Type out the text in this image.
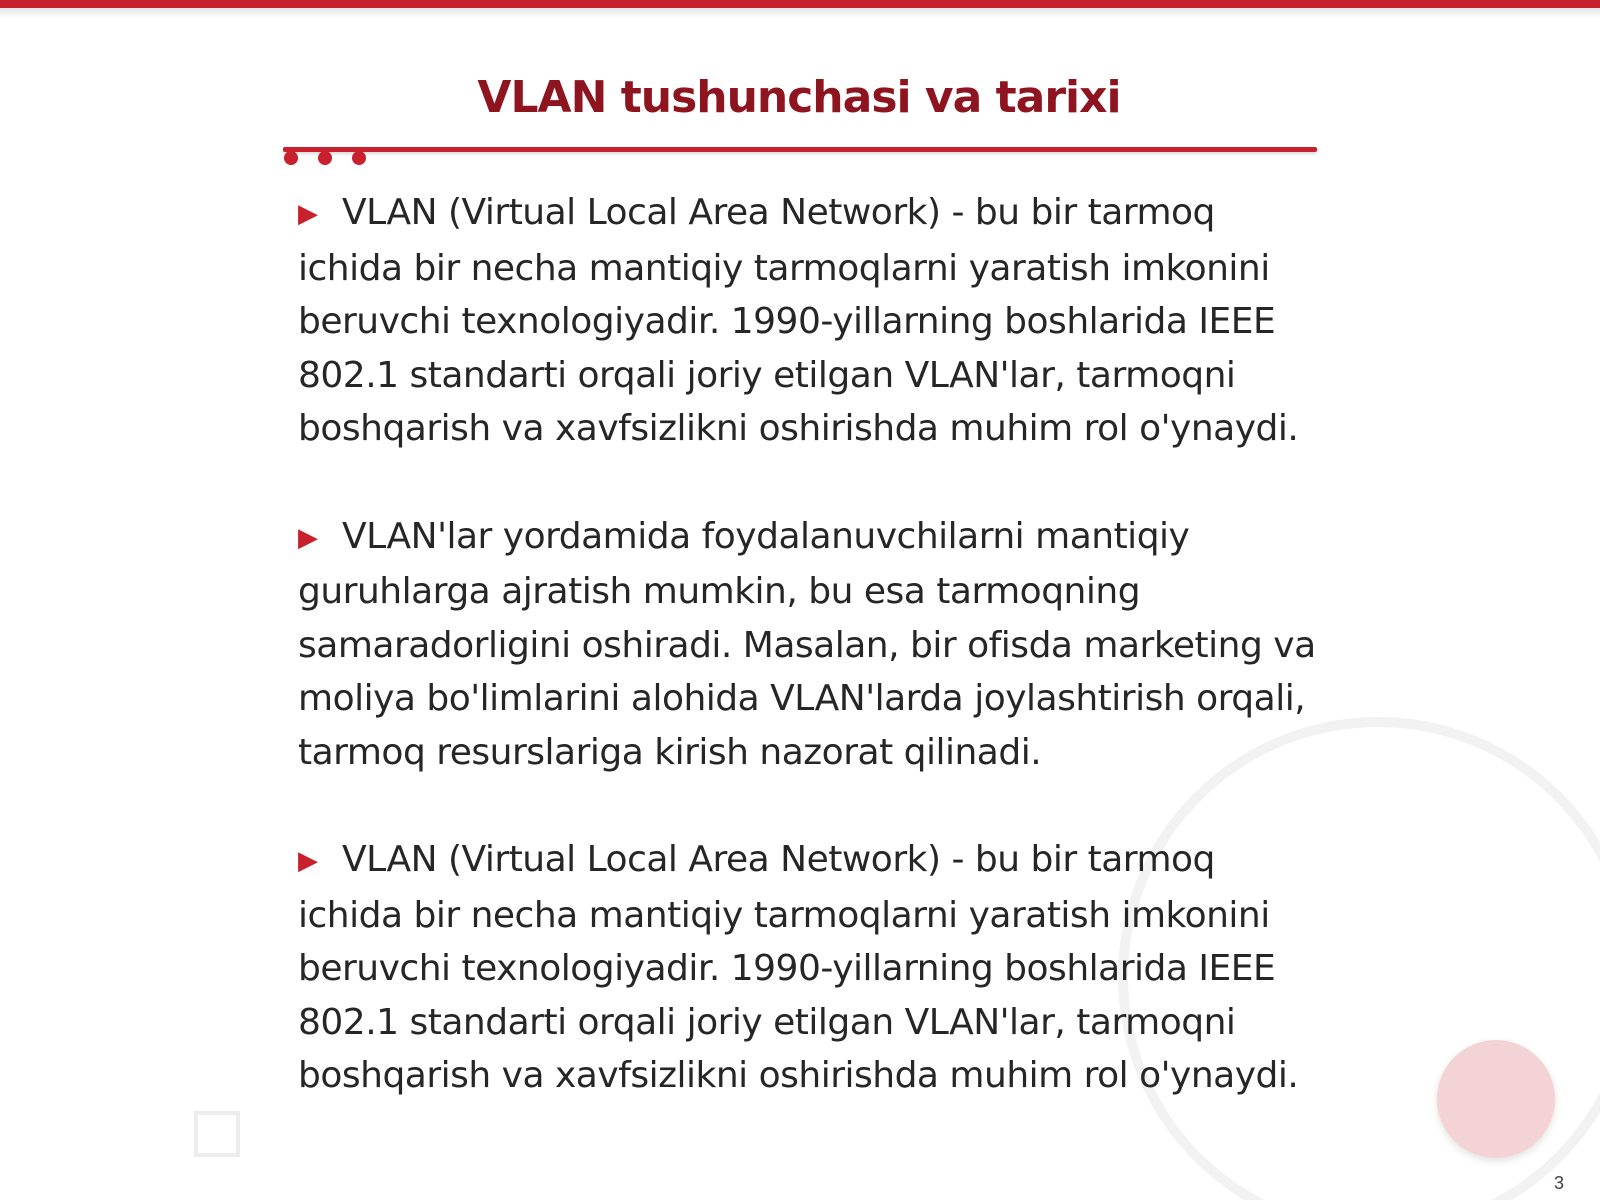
VLAN tushunchasi va tarixi

▶ VLAN (Virtual Local Area Network) - bu bir tarmoq ichida bir necha mantiqiy tarmoqlarni yaratish imkonini beruvchi texnologiyadir. 1990-yillarning boshlarida IEEE 802.1 standarti orqali joriy etilgan VLAN'lar, tarmoqni boshqarish va xavfsizlikni oshirishda muhim rol o'ynaydi.

▶ VLAN'lar yordamida foydalanuvchilarni mantiqiy guruhlarga ajratish mumkin, bu esa tarmoqning samaradorligini oshiradi. Masalan, bir ofisda marketing va moliya bo'limlarini alohida VLAN'larda joylashtirish orqali, tarmoq resurslariga kirish nazorat qilinadi.

▶ VLAN (Virtual Local Area Network) - bu bir tarmoq ichida bir necha mantiqiy tarmoqlarni yaratish imkonini beruvchi texnologiyadir. 1990-yillarning boshlarida IEEE 802.1 standarti orqali joriy etilgan VLAN'lar, tarmoqni boshqarish va xavfsizlikni oshirishda muhim rol o'ynaydi.

3
